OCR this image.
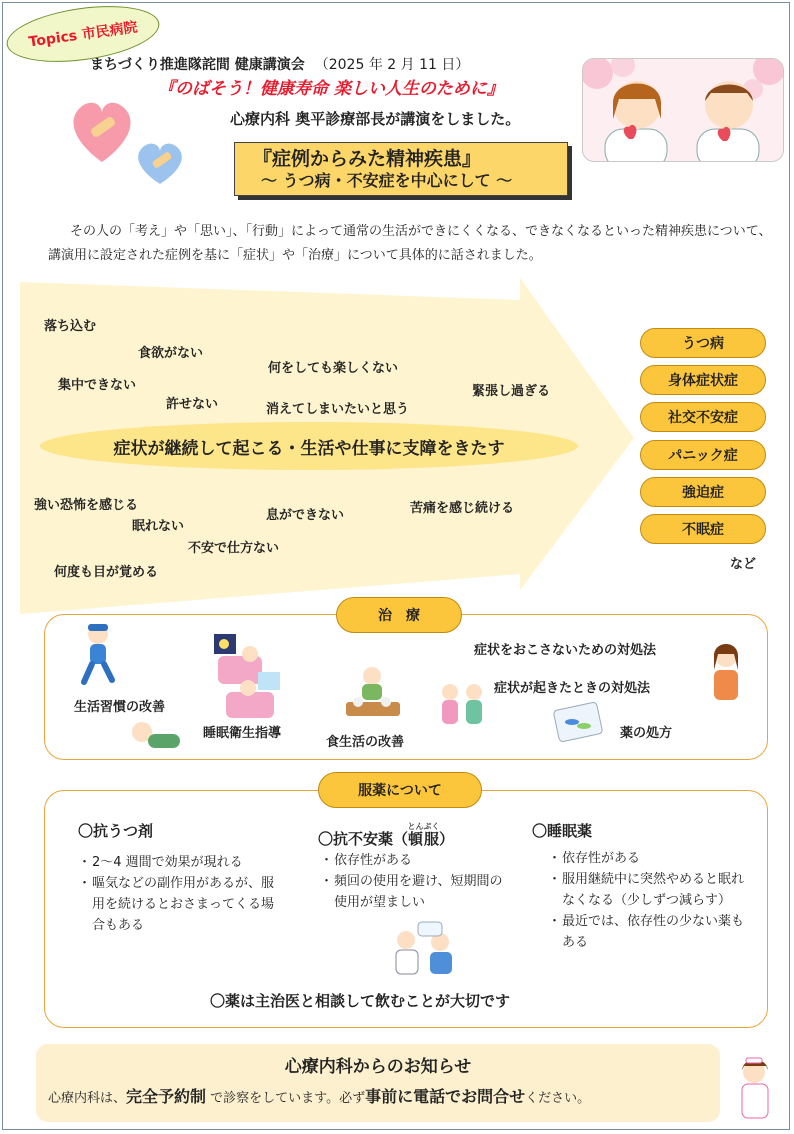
Topics 市民病院
まちづくり推進隊詫間 健康講演会 （2025 年 2 月 11 日）
『のばそう！健康寿命 楽しい人生のために』
心療内科 奥平診療部長が講演をしました。
『症例からみた精神疾患』
〜 うつ病・不安症を中心にして 〜
その人の「考え」や「思い」、「行動」によって通常の生活ができにくくなる、できなくなるといった精神疾患について、講演用に設定された症例を基に「症状」や「治療」について具体的に話されました。
落ち込む
食欲がない
集中できない
許せない
何をしても楽しくない
消えてしまいたいと思う
緊張し過ぎる
症状が継続して起こる・生活や仕事に支障をきたす
強い恐怖を感じる
眠れない
不安で仕方ない
何度も目が覚める
息ができない	苦痛を感じ続ける
うつ病
身体症状症
社交不安症
パニック症
強迫症
不眠症
など
治　療
生活習慣の改善
睡眠衛生指導
食生活の改善
症状をおこさないための対処法
症状が起きたときの対処法
薬の処方
服薬について
〇抗うつ剤
・ 2〜4 週間で効果が現れる
・ 嘔気などの副作用があるが、服用を続けるとおさまってくる場合もある
〇抗不安薬（頓服とんぷく）
・ 依存性がある
・ 頻回の使用を避け、短期間の使用が望ましい
〇睡眠薬
・ 依存性がある
・ 服用継続中に突然やめると眠れなくなる（少しずつ減らす）
・ 最近では、依存性の少ない薬もある
〇薬は主治医と相談して飲むことが大切です
心療内科からのお知らせ
心療内科は、完全予約制 で診察をしています。必ず事前に電話でお問合せください。
